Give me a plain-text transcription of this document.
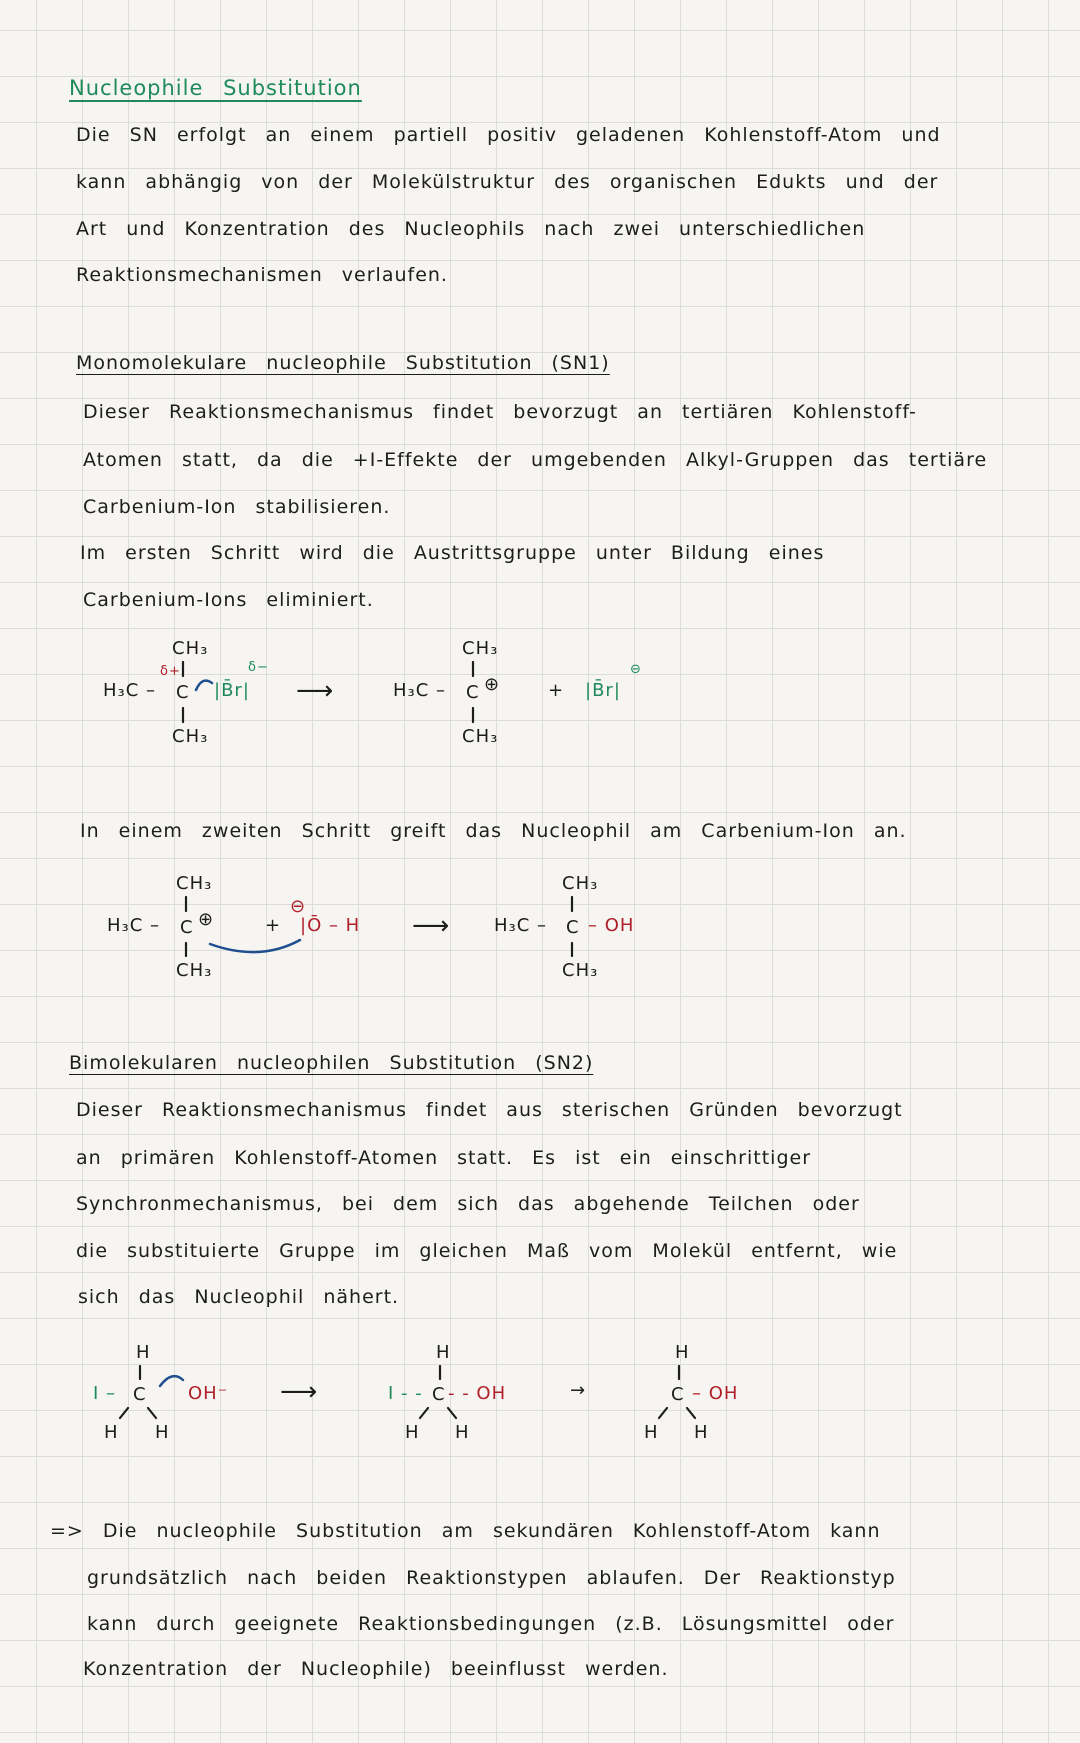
Nucleophile Substitution
Die SN erfolgt an einem partiell positiv geladenen Kohlenstoff-Atom und
kann abhängig von der Molekülstruktur des organischen Edukts und der
Art und Konzentration des Nucleophils nach zwei unterschiedlichen
Reaktionsmechanismen verlaufen.
Monomolekulare nucleophile Substitution (SN1)
Dieser Reaktionsmechanismus findet bevorzugt an tertiären Kohlenstoff-
Atomen statt, da die +I-Effekte der umgebenden Alkyl-Gruppen das tertiäre
Carbenium-Ion stabilisieren.
Im ersten Schritt wird die Austrittsgruppe unter Bildung eines
Carbenium-Ions eliminiert.
CH₃
H₃C –
δ+
C |B̄r|
δ−
CH₃
⟶
CH₃
H₃C – C ⊕
CH₃
+ |B̄r|
⊖
In einem zweiten Schritt greift das Nucleophil am Carbenium-Ion an.
CH₃
H₃C – C ⊕
CH₃
+
⊖
|Ō – H ⟶
CH₃
H₃C – C – OH
CH₃
Bimolekularen nucleophilen Substitution (SN2)
Dieser Reaktionsmechanismus findet aus sterischen Gründen bevorzugt
an primären Kohlenstoff-Atomen statt. Es ist ein einschrittiger
Synchronmechanismus, bei dem sich das abgehende Teilchen oder
die substituierte Gruppe im gleichen Maß vom Molekül entfernt, wie
sich das Nucleophil nähert.
H
I – C OH⁻
H H
⟶
H
I - - C - - OH
H H
→
H
C – OH
H H
=> Die nucleophile Substitution am sekundären Kohlenstoff-Atom kann
grundsätzlich nach beiden Reaktionstypen ablaufen. Der Reaktionstyp
kann durch geeignete Reaktionsbedingungen (z.B. Lösungsmittel oder
Konzentration der Nucleophile) beeinflusst werden.
